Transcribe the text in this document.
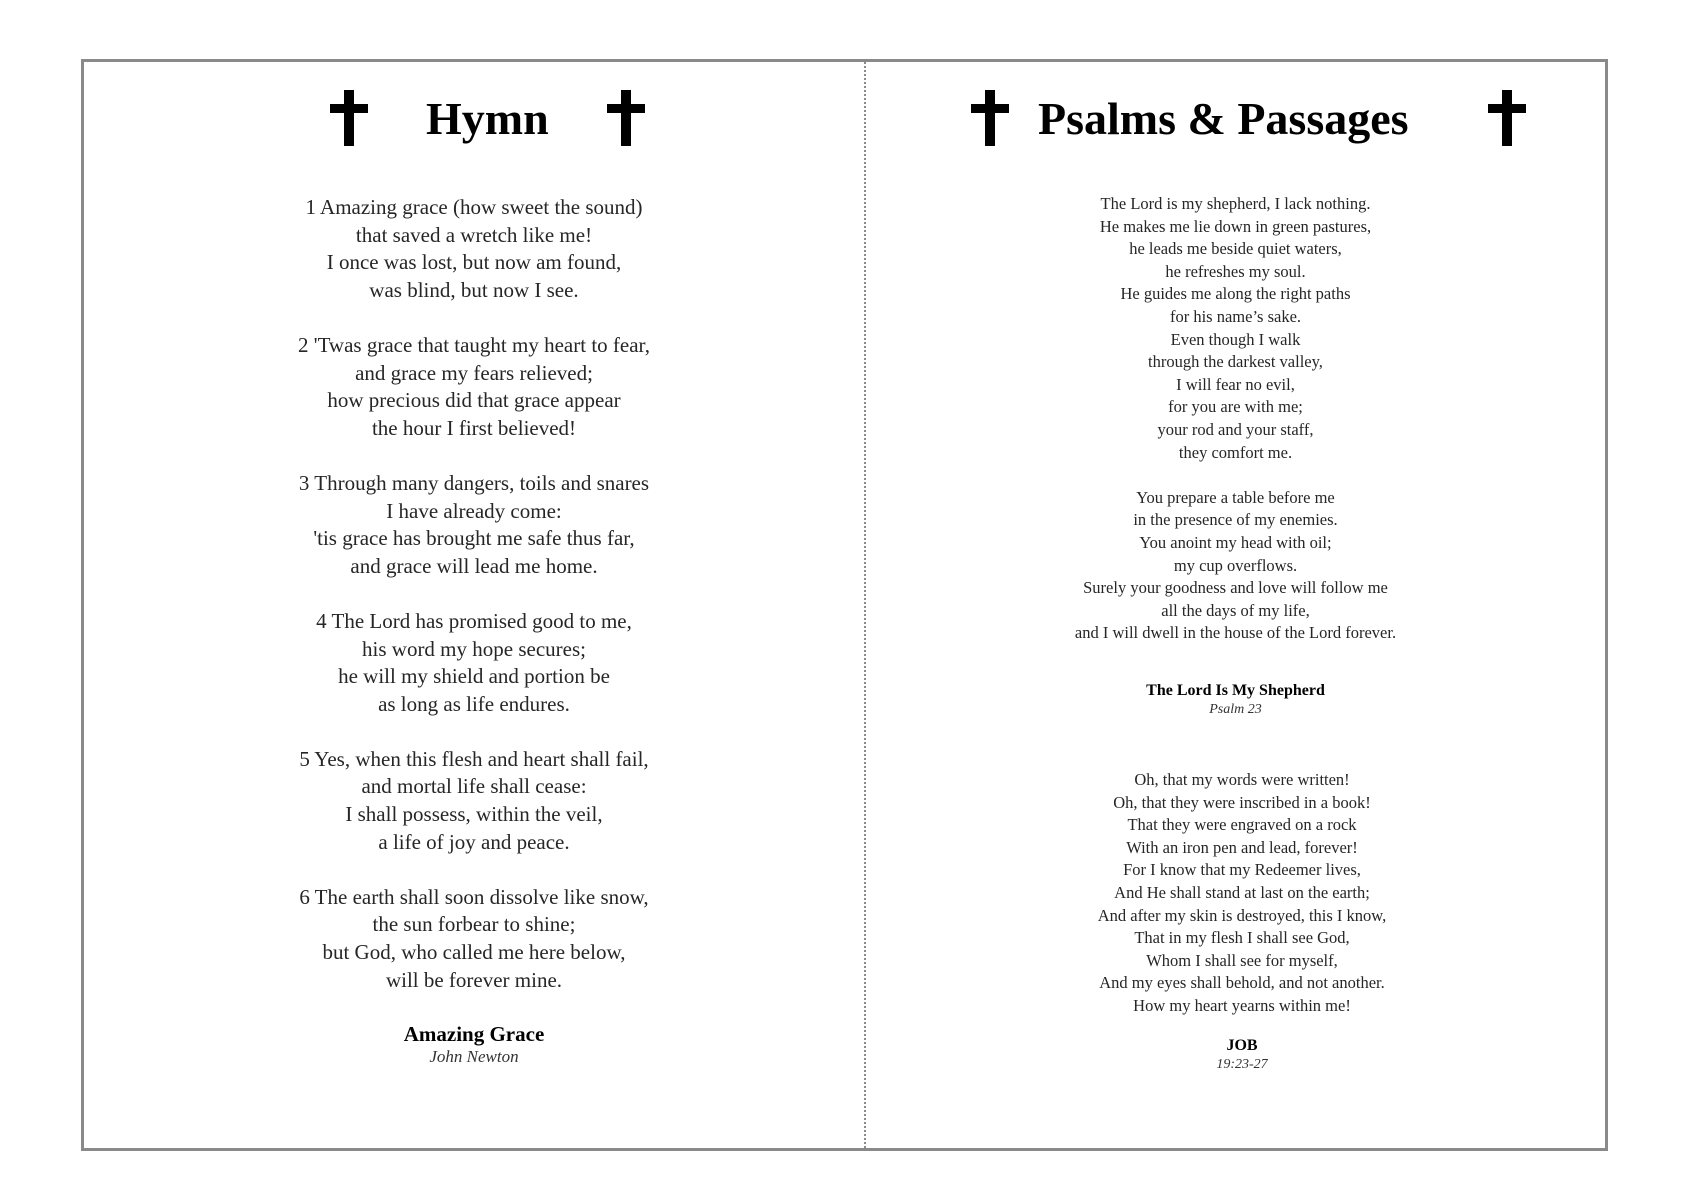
Hymn
1 Amazing grace (how sweet the sound)
that saved a wretch like me!
I once was lost, but now am found,
was blind, but now I see.
2 'Twas grace that taught my heart to fear,
and grace my fears relieved;
how precious did that grace appear
the hour I first believed!
3 Through many dangers, toils and snares
I have already come:
'tis grace has brought me safe thus far,
and grace will lead me home.
4 The Lord has promised good to me,
his word my hope secures;
he will my shield and portion be
as long as life endures.
5 Yes, when this flesh and heart shall fail,
and mortal life shall cease:
I shall possess, within the veil,
a life of joy and peace.
6 The earth shall soon dissolve like snow,
the sun forbear to shine;
but God, who called me here below,
will be forever mine.
Amazing Grace
John Newton
Psalms & Passages
The Lord is my shepherd, I lack nothing.
He makes me lie down in green pastures,
he leads me beside quiet waters,
he refreshes my soul.
He guides me along the right paths
for his name’s sake.
Even though I walk
through the darkest valley,
I will fear no evil,
for you are with me;
your rod and your staff,
they comfort me.
You prepare a table before me
in the presence of my enemies.
You anoint my head with oil;
my cup overflows.
Surely your goodness and love will follow me
all the days of my life,
and I will dwell in the house of the Lord forever.
The Lord Is My Shepherd
Psalm 23
Oh, that my words were written!
Oh, that they were inscribed in a book!
That they were engraved on a rock
With an iron pen and lead, forever!
For I know that my Redeemer lives,
And He shall stand at last on the earth;
And after my skin is destroyed, this I know,
That in my flesh I shall see God,
Whom I shall see for myself,
And my eyes shall behold, and not another.
How my heart yearns within me!
JOB
19:23-27
